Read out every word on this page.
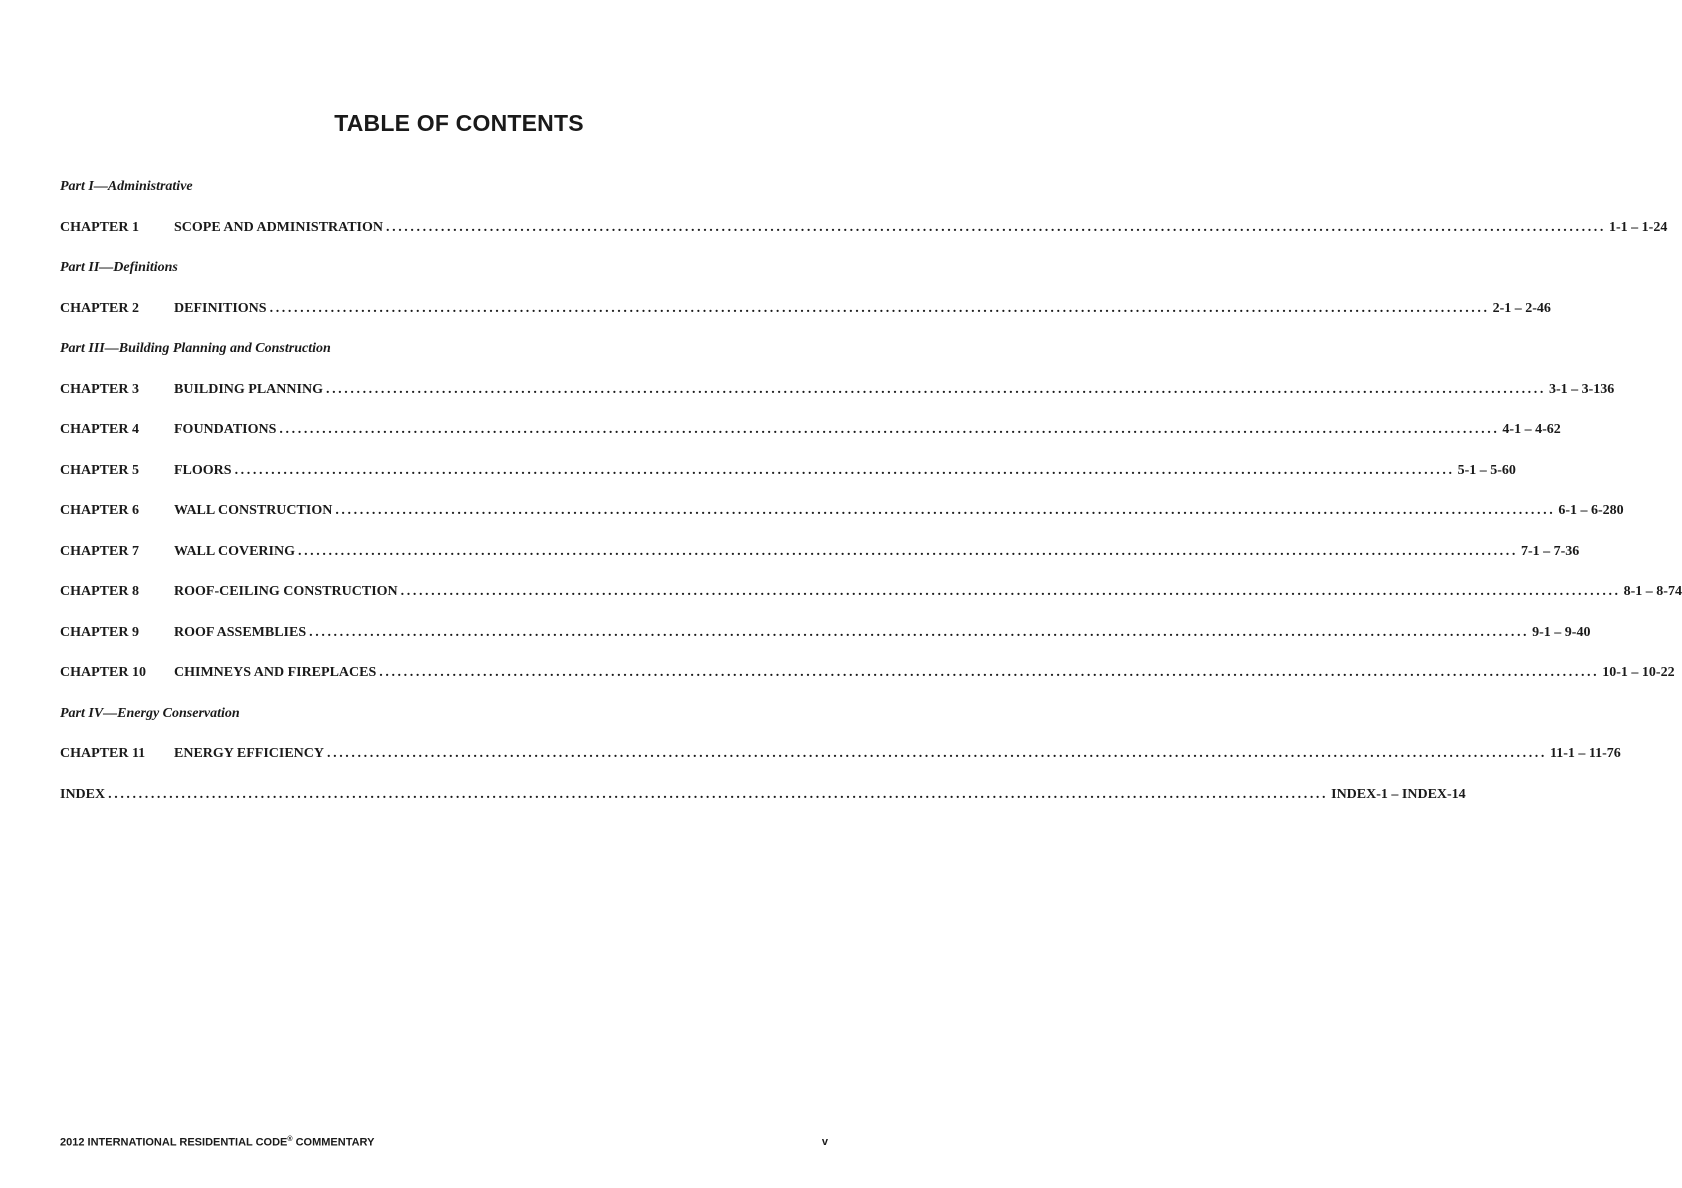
TABLE OF CONTENTS
Part I—Administrative
CHAPTER 1	SCOPE AND ADMINISTRATION ........................................................................................................................................................................................................ 1-1 – 1-24
Part II—Definitions
CHAPTER 2	DEFINITIONS ........................................................................................................................................................................................................ 2-1 – 2-46
Part III—Building Planning and Construction
CHAPTER 3	BUILDING PLANNING ........................................................................................................................................................................................................ 3-1 – 3-136
CHAPTER 4	FOUNDATIONS ........................................................................................................................................................................................................ 4-1 – 4-62
CHAPTER 5	FLOORS ........................................................................................................................................................................................................ 5-1 – 5-60
CHAPTER 6	WALL CONSTRUCTION ........................................................................................................................................................................................................ 6-1 – 6-280
CHAPTER 7	WALL COVERING ........................................................................................................................................................................................................ 7-1 – 7-36
CHAPTER 8	ROOF-CEILING CONSTRUCTION ........................................................................................................................................................................................................ 8-1 – 8-74
CHAPTER 9	ROOF ASSEMBLIES ........................................................................................................................................................................................................ 9-1 – 9-40
CHAPTER 10	CHIMNEYS AND FIREPLACES ........................................................................................................................................................................................................ 10-1 – 10-22
Part IV—Energy Conservation
CHAPTER 11	ENERGY EFFICIENCY ........................................................................................................................................................................................................ 11-1 – 11-76
INDEX ........................................................................................................................................................................................................ INDEX-1 – INDEX-14
2012 INTERNATIONAL RESIDENTIAL CODE® COMMENTARY	v
